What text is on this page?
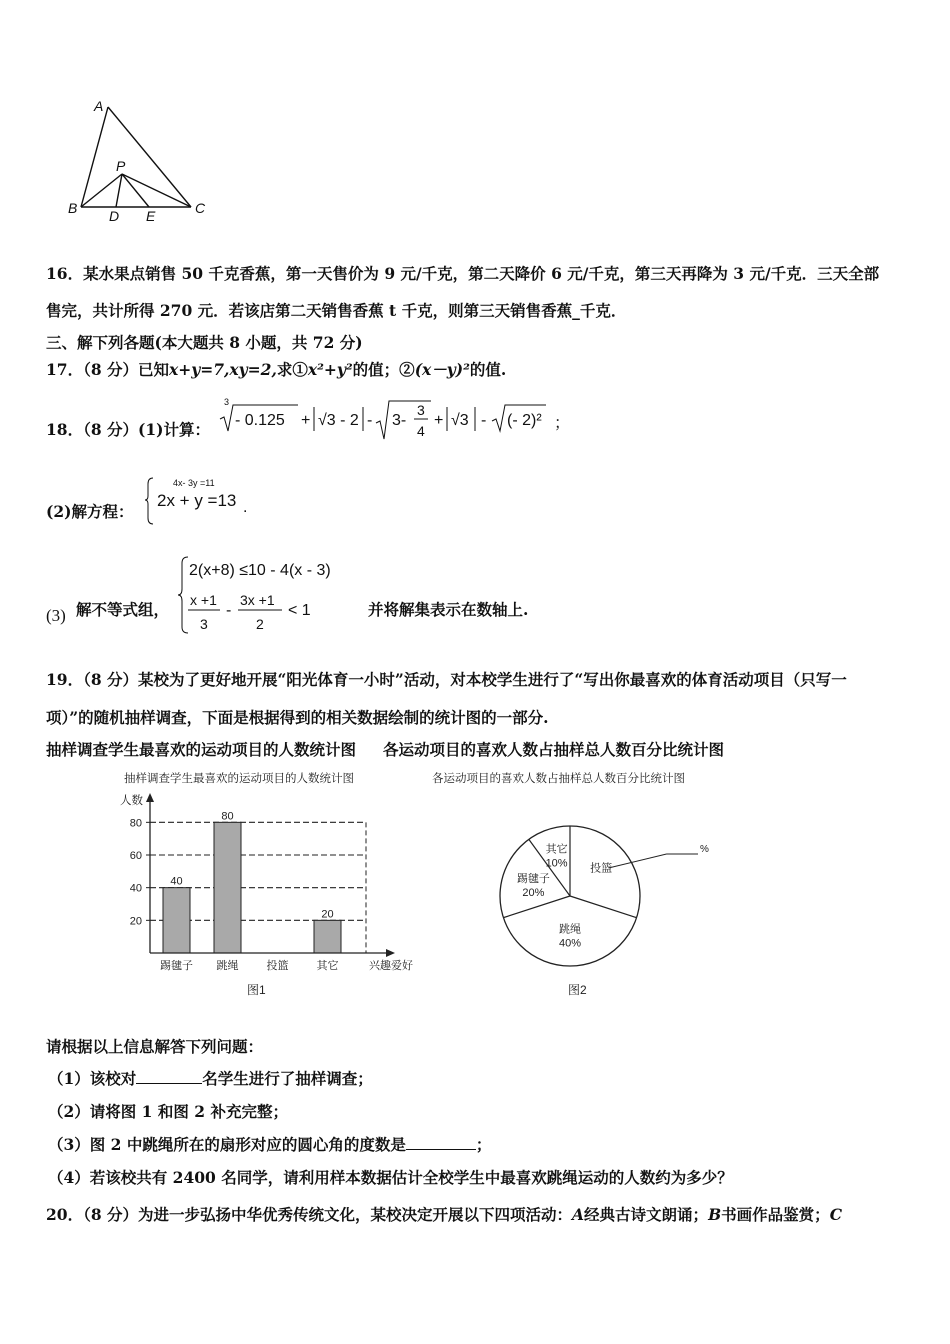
A
P
B D E	C
16．某水果点销售 50 千克香蕉，第一天售价为 9 元/千克，第二天降价 6 元/千克，第三天再降为 3 元/千克．三天全部
售完，共计所得 270 元．若该店第二天销售香蕉 t 千克，则第三天销售香蕉_千克．
三、解下列各题(本大题共 8 小题，共 72 分)
17．（8 分）已知x+y=7,xy=2,求①x²+y²的值；②(x－y)²的值.
18．（8 分）(1)计算：
3
- 0.125 + √3 - 2 - 3-
3
4
+ √3 - (- 2)² ；
(2)解方程：
4x- 3y =11
2x + y =13 .
(3) 解不等式组，
2(x+8) ≤10 - 4(x - 3)
x +1
3
-
3x +1
2
< 1	并将解集表示在数轴上.
19．（8 分）某校为了更好地开展“阳光体育一小时”活动，对本校学生进行了“写出你最喜欢的体育活动项目（只写一
项）”的随机抽样调查，下面是根据得到的相关数据绘制的统计图的一部分.
抽样调查学生最喜欢的运动项目的人数统计图     各运动项目的喜欢人数占抽样总人数百分比统计图
抽样调查学生最喜欢的运动项目的人数统计图
人数
40
80
20
20
40
60
80
踢毽子 跳绳	投篮	其它	兴趣爱好
图1
各运动项目的喜欢人数占抽样总人数百分比统计图
其它
10% 投篮
跳绳
40%
踢毽子
20%
%
图2
请根据以上信息解答下列问题：
（1）该校对	名学生进行了抽样调查；
（2）请将图 1 和图 2 补充完整；
（3）图 2 中跳绳所在的扇形对应的圆心角的度数是	；
（4）若该校共有 2400 名同学，请利用样本数据估计全校学生中最喜欢跳绳运动的人数约为多少？
20．（8 分）为进一步弘扬中华优秀传统文化，某校决定开展以下四项活动：A经典古诗文朗诵；B书画作品鉴赏；C
